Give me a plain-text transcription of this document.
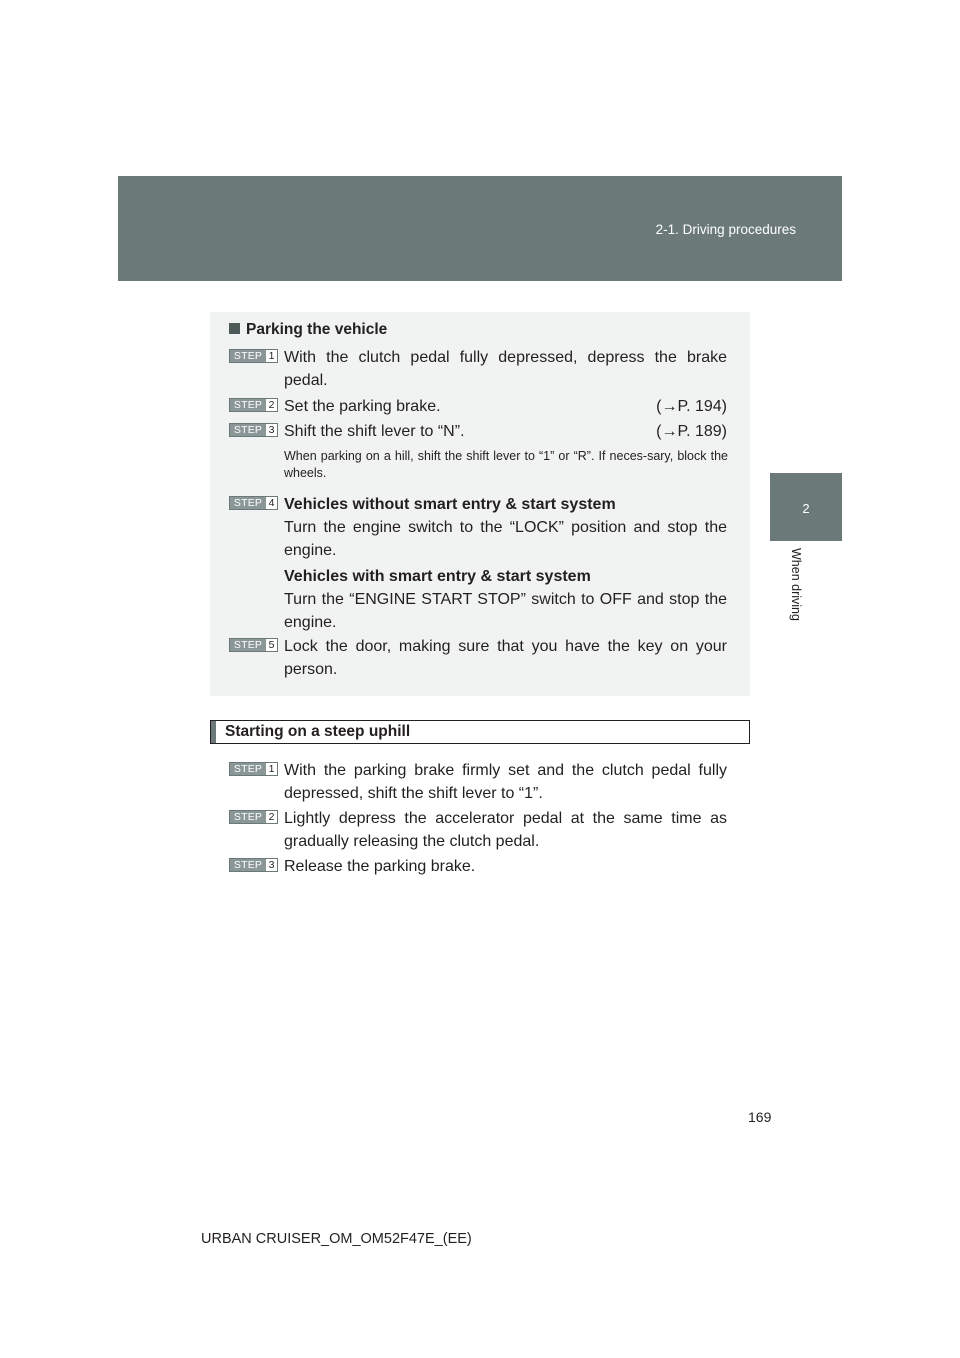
2-1. Driving procedures
2
When driving
Parking the vehicle
STEP 1 With the clutch pedal fully depressed, depress the brake pedal.
STEP 2	(→P. 194)
Set the parking brake.
STEP 3	(→P. 189)
Shift the shift lever to “N”.
When parking on a hill, shift the shift lever to “1” or “R”. If neces-sary, block the wheels.
STEP 4 Vehicles without smart entry & start system
Turn the engine switch to the “LOCK” position and stop the engine.
Vehicles with smart entry & start system
Turn the “ENGINE START STOP” switch to OFF and stop the engine.
STEP 5 Lock the door, making sure that you have the key on your person.
Starting on a steep uphill
STEP 1 With the parking brake firmly set and the clutch pedal fully depressed, shift the shift lever to “1”.
STEP 2 Lightly depress the accelerator pedal at the same time as gradually releasing the clutch pedal.
STEP 3 Release the parking brake.
169
URBAN CRUISER_OM_OM52F47E_(EE)
